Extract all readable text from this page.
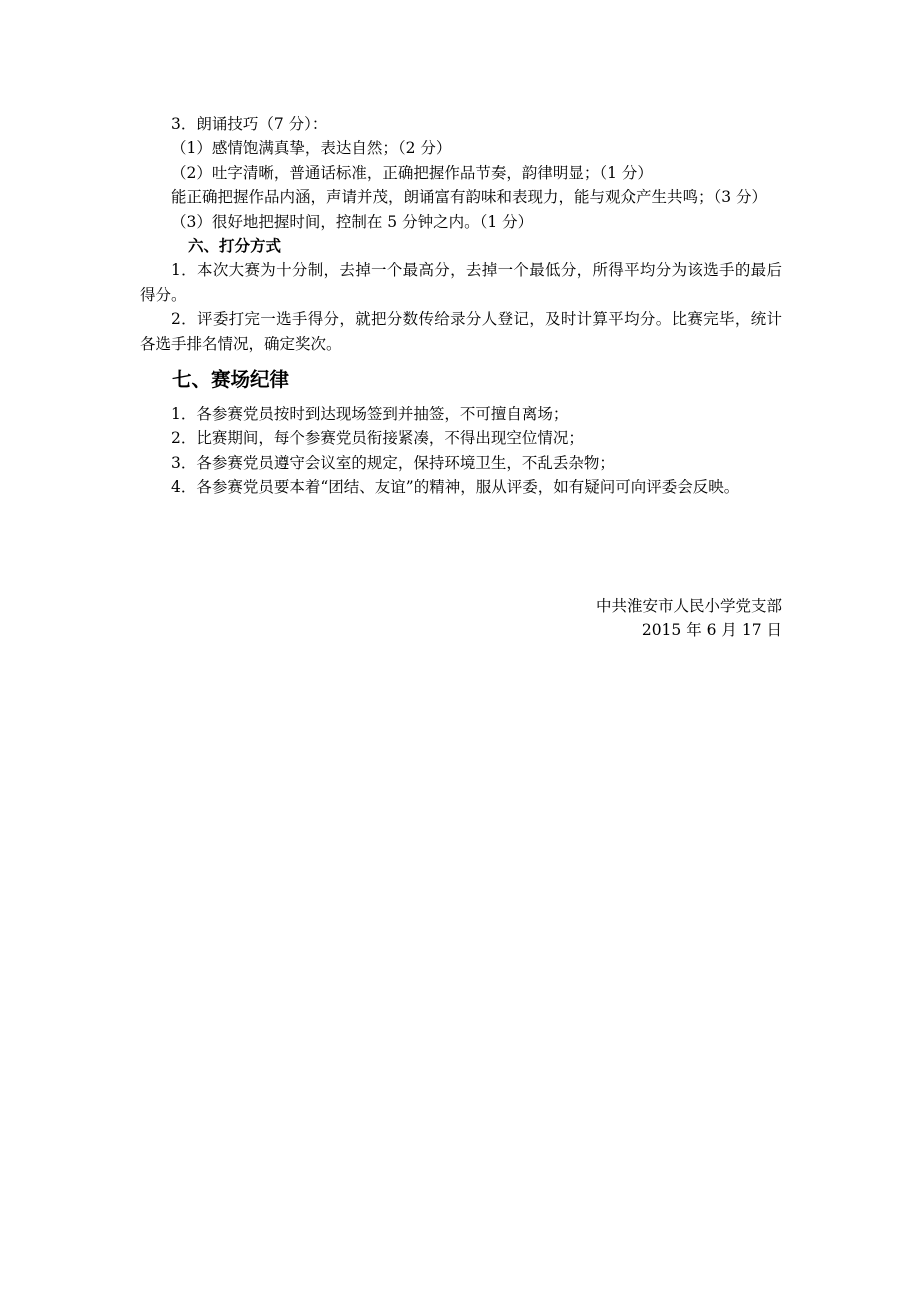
3．朗诵技巧（7 分）：

（1）感情饱满真挚，表达自然；（2 分）

（2）吐字清晰，普通话标准，正确把握作品节奏，韵律明显；（1 分）

能正确把握作品内涵，声请并茂，朗诵富有韵味和表现力，能与观众产生共鸣；（3 分）

（3）很好地把握时间，控制在 5 分钟之内。（1 分）

六、打分方式

1．本次大赛为十分制，去掉一个最高分，去掉一个最低分，所得平均分为该选手的最后得分。

2．评委打完一选手得分，就把分数传给录分人登记，及时计算平均分。比赛完毕，统计各选手排名情况，确定奖次。

七、赛场纪律

1．各参赛党员按时到达现场签到并抽签，不可擅自离场；

2．比赛期间，每个参赛党员衔接紧凑，不得出现空位情况；

3．各参赛党员遵守会议室的规定，保持环境卫生，不乱丢杂物；

4．各参赛党员要本着“团结、友谊”的精神，服从评委，如有疑问可向评委会反映。

中共淮安市人民小学党支部
2015 年 6 月 17 日
